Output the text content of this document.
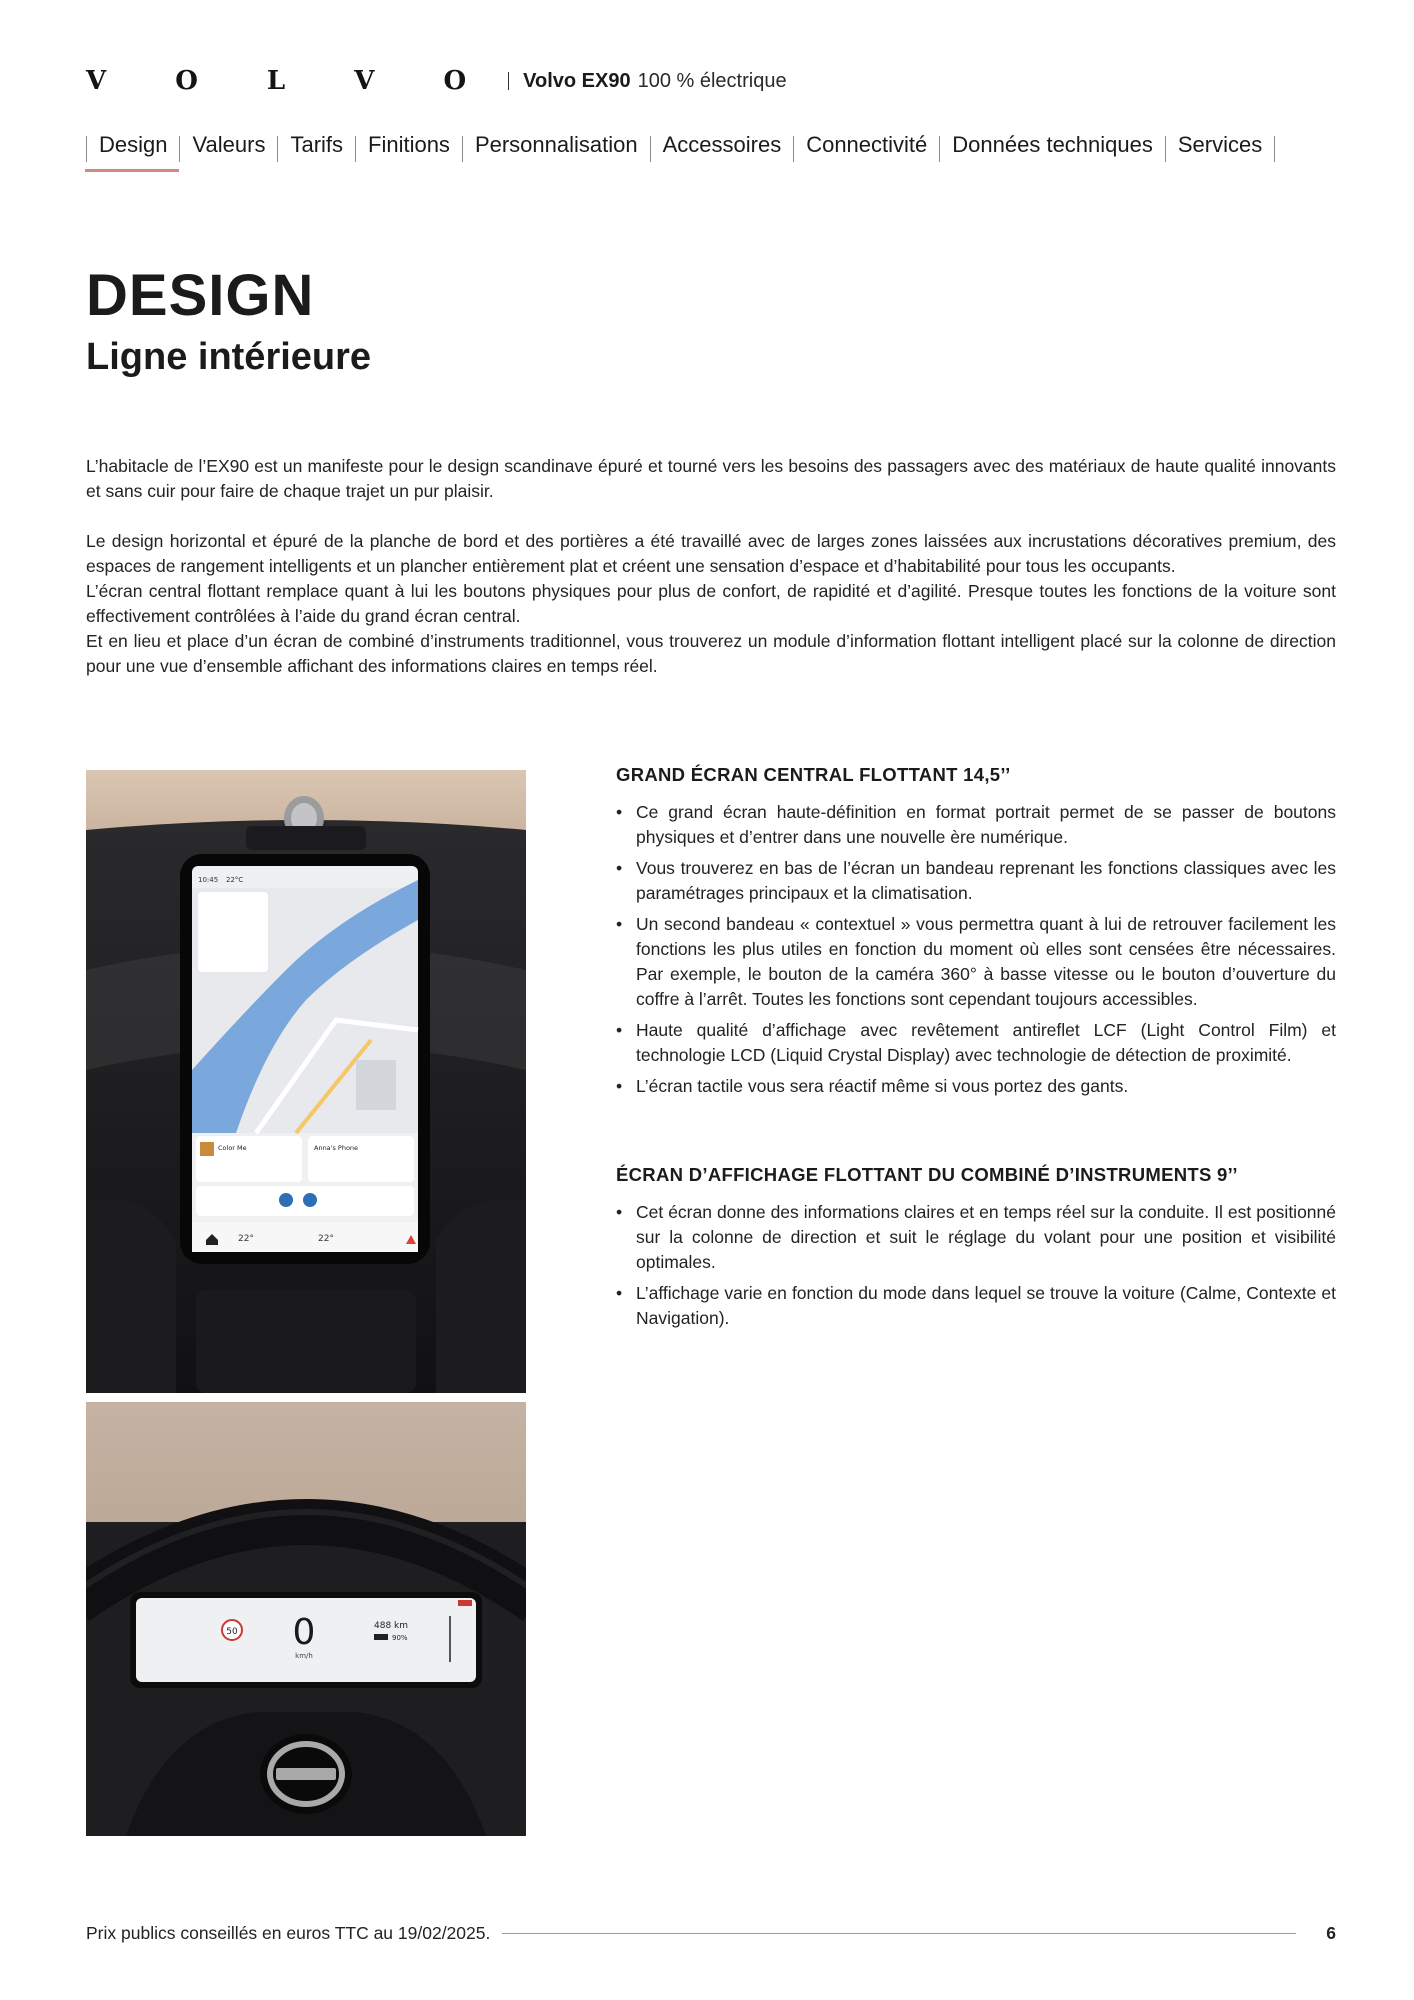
V O L V O Volvo EX90 100 % électrique
Design Valeurs Tarifs Finitions Personnalisation Accessoires Connectivité Données techniques Services
DESIGN
Ligne intérieure

L’habitacle de l’EX90 est un manifeste pour le design scandinave épuré et tourné vers les besoins des passagers avec des matériaux de haute qualité innovants et sans cuir pour faire de chaque trajet un pur plaisir.

Le design horizontal et épuré de la planche de bord et des portières a été travaillé avec de larges zones laissées aux incrustations décoratives premium, des espaces de rangement intelligents et un plancher entièrement plat et créent une sensation d’espace et d’habitabilité pour tous les occupants.

L’écran central flottant remplace quant à lui les boutons physiques pour plus de confort, de rapidité et d’agilité. Presque toutes les fonctions de la voiture sont effectivement contrôlées à l’aide du grand écran central.

Et en lieu et place d’un écran de combiné d’instruments traditionnel, vous trouverez un module d’information flottant intelligent placé sur la colonne de direction pour une vue d’ensemble affichant des informations claires en temps réel.

10:45 22°C
Color Me	Anna's Phone
22°	22°
50 0
km/h
488 km
90%
GRAND ÉCRAN CENTRAL FLOTTANT 14,5’’
• Ce grand écran haute-définition en format portrait permet de se passer de boutons physiques et d’entrer dans une nouvelle ère numérique.
• Vous trouverez en bas de l’écran un bandeau reprenant les fonctions classiques avec les paramétrages principaux et la climatisation.
• Un second bandeau « contextuel » vous permettra quant à lui de retrouver facilement les fonctions les plus utiles en fonction du moment où elles sont censées être nécessaires. Par exemple, le bouton de la caméra 360° à basse vitesse ou le bouton d’ouverture du coffre à l’arrêt. Toutes les fonctions sont cependant toujours accessibles.
• Haute qualité d’affichage avec revêtement antireflet LCF (Light Control Film) et technologie LCD (Liquid Crystal Display) avec technologie de détection de proximité.
• L’écran tactile vous sera réactif même si vous portez des gants.
ÉCRAN D’AFFICHAGE FLOTTANT DU COMBINÉ D’INSTRUMENTS 9’’
• Cet écran donne des informations claires et en temps réel sur la conduite. Il est positionné sur la colonne de direction et suit le réglage du volant pour une position et visibilité optimales.
• L’affichage varie en fonction du mode dans lequel se trouve la voiture (Calme, Contexte et Navigation).
Prix publics conseillés en euros TTC au 19/02/2025.	6
